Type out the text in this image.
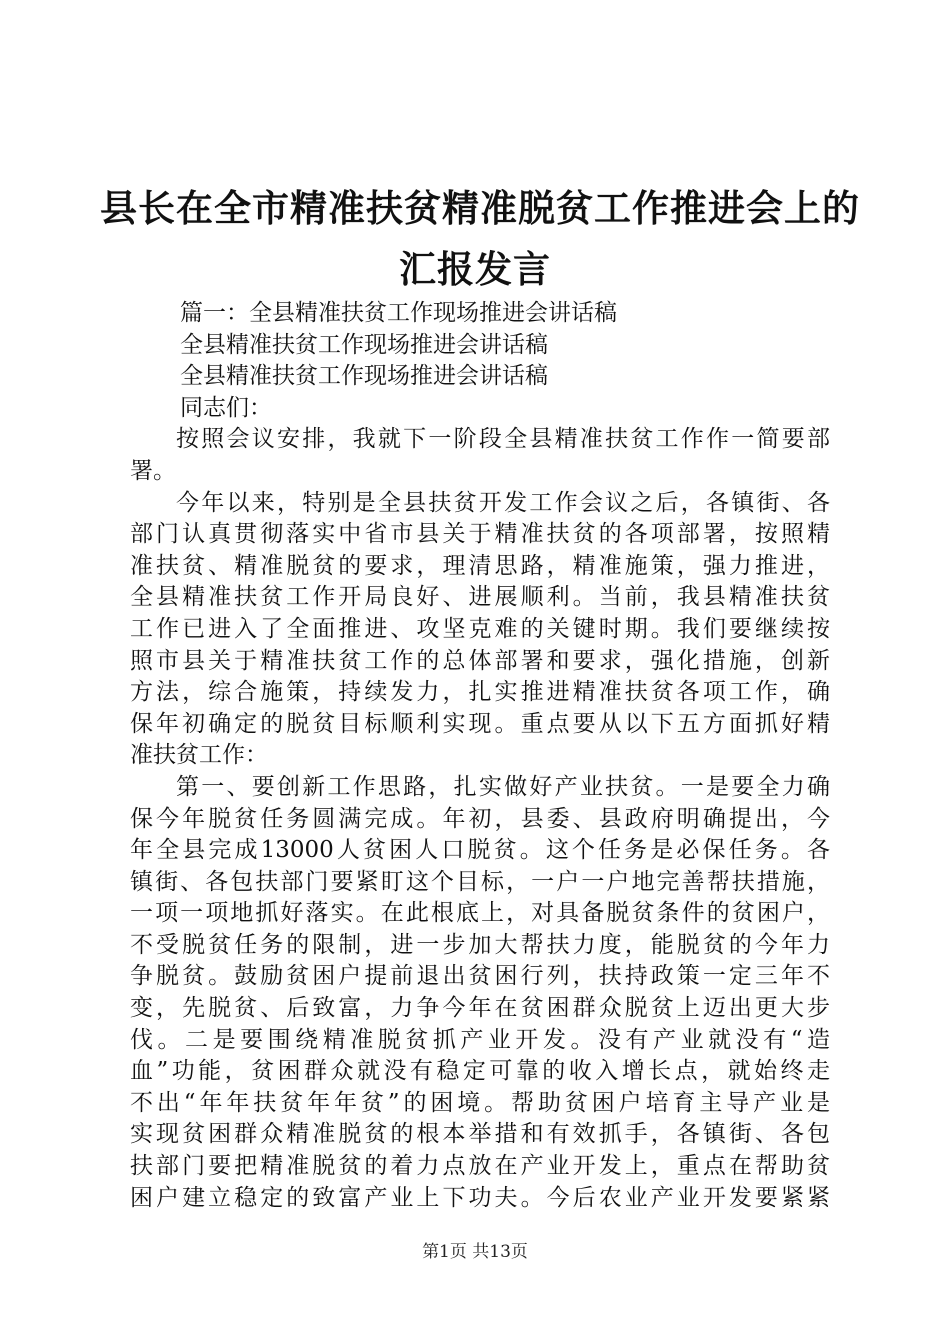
县长在全市精准扶贫精准脱贫工作推进会上的
汇报发言
篇一：全县精准扶贫工作现场推进会讲话稿
全县精准扶贫工作现场推进会讲话稿
全县精准扶贫工作现场推进会讲话稿
同志们：
按照会议安排，我就下一阶段全县精准扶贫工作作一简要部
署。
今年以来，特别是全县扶贫开发工作会议之后，各镇街、各
部门认真贯彻落实中省市县关于精准扶贫的各项部署，按照精
准扶贫、精准脱贫的要求，理清思路，精准施策，强力推进，
全县精准扶贫工作开局良好、进展顺利。当前，我县精准扶贫
工作已进入了全面推进、攻坚克难的关键时期。我们要继续按
照市县关于精准扶贫工作的总体部署和要求，强化措施，创新
方法，综合施策，持续发力，扎实推进精准扶贫各项工作，确
保年初确定的脱贫目标顺利实现。重点要从以下五方面抓好精
准扶贫工作：
第一、要创新工作思路，扎实做好产业扶贫。一是要全力确
保今年脱贫任务圆满完成。年初，县委、县政府明确提出，今
年全县完成13000人贫困人口脱贫。这个任务是必保任务。各
镇街、各包扶部门要紧盯这个目标，一户一户地完善帮扶措施，
一项一项地抓好落实。在此根底上，对具备脱贫条件的贫困户，
不受脱贫任务的限制，进一步加大帮扶力度，能脱贫的今年力
争脱贫。鼓励贫困户提前退出贫困行列，扶持政策一定三年不
变，先脱贫、后致富，力争今年在贫困群众脱贫上迈出更大步
伐。二是要围绕精准脱贫抓产业开发。没有产业就没有“造
血”功能，贫困群众就没有稳定可靠的收入增长点，就始终走
不出“年年扶贫年年贫”的困境。帮助贫困户培育主导产业是
实现贫困群众精准脱贫的根本举措和有效抓手，各镇街、各包
扶部门要把精准脱贫的着力点放在产业开发上，重点在帮助贫
困户建立稳定的致富产业上下功夫。今后农业产业开发要紧紧
第1页 共13页
